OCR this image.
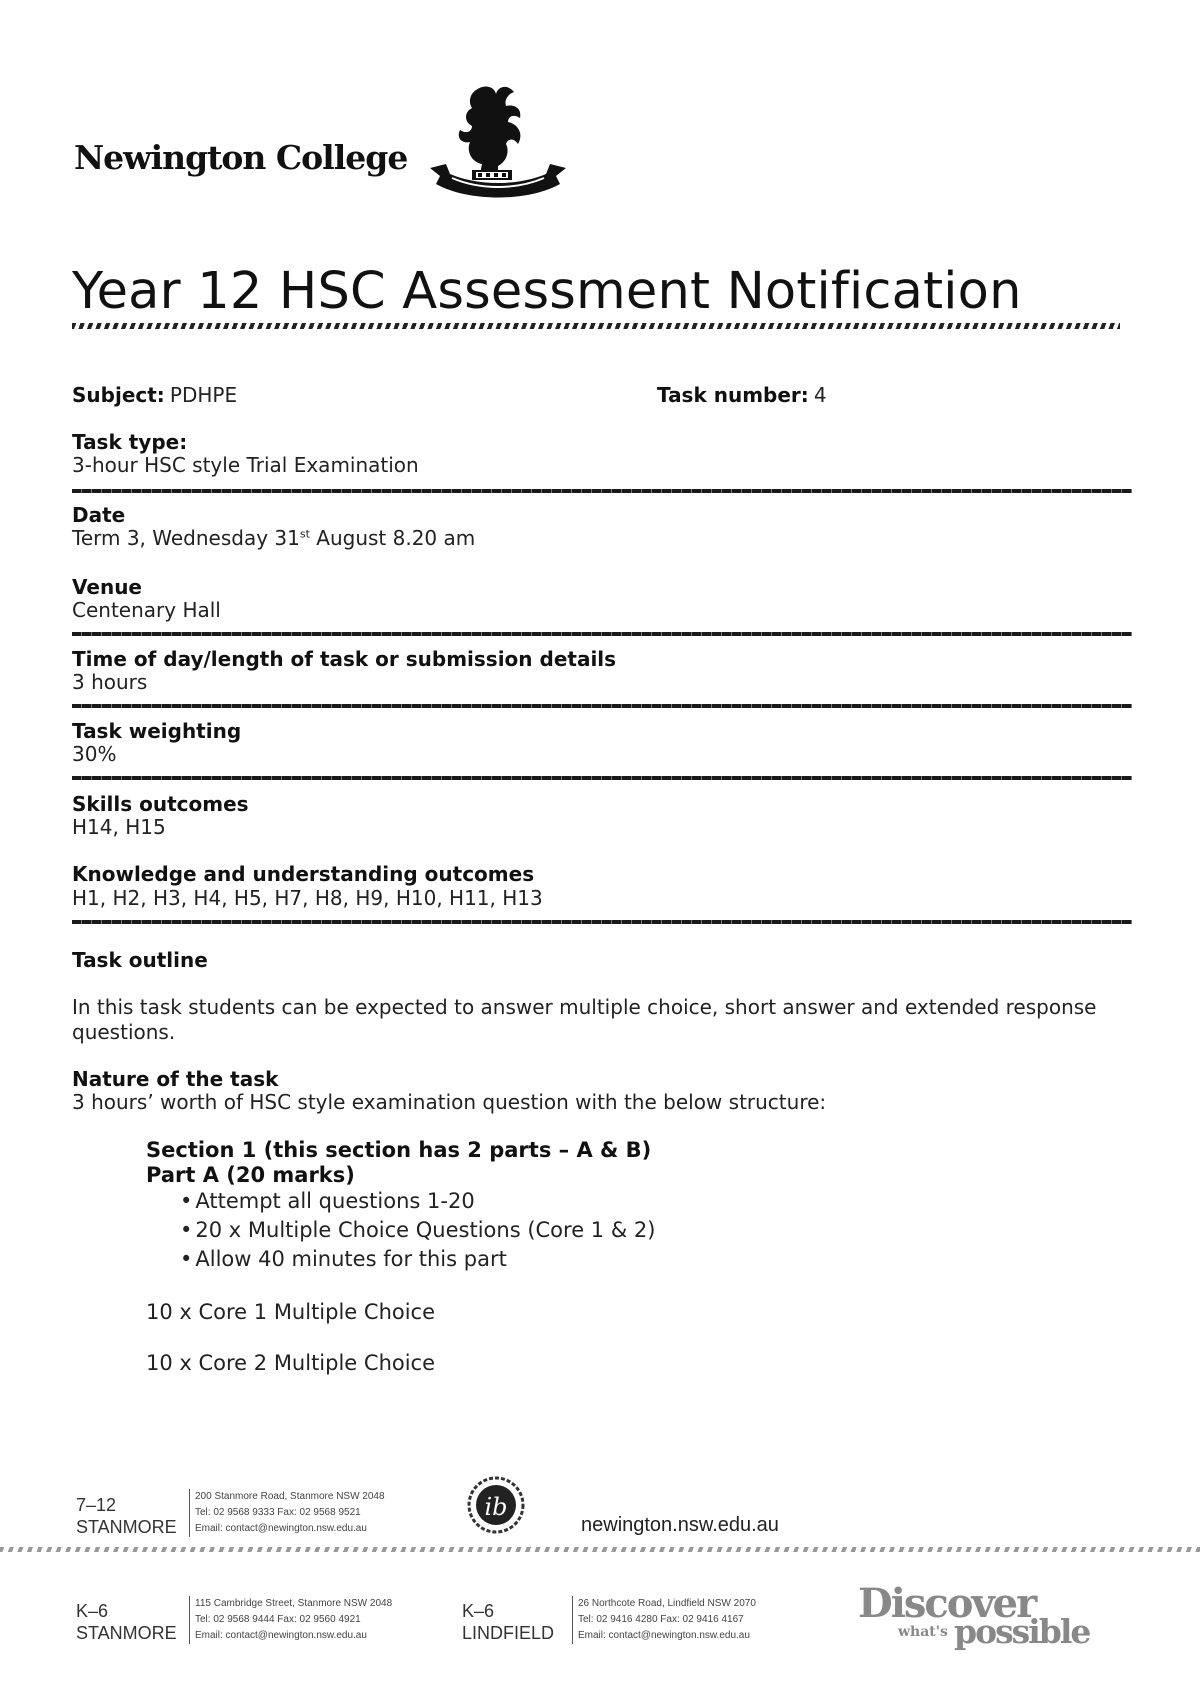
Newington College
Year 12 HSC Assessment Notification
Subject: PDHPE	Task number: 4
Task type:
3-hour HSC style Trial Examination
Date
Term 3, Wednesday 31st August 8.20 am
Venue
Centenary Hall
Time of day/length of task or submission details
3 hours
Task weighting
30%
Skills outcomes
H14, H15
Knowledge and understanding outcomes
H1, H2, H3, H4, H5, H7, H8, H9, H10, H11, H13
Task outline
In this task students can be expected to answer multiple choice, short answer and extended response questions.
Nature of the task
3 hours’ worth of HSC style examination question with the below structure:
Section 1 (this section has 2 parts – A & B)
Part A (20 marks)
• Attempt all questions 1-20
• 20 x Multiple Choice Questions (Core 1 & 2)
• Allow 40 minutes for this part
10 x Core 1 Multiple Choice
10 x Core 2 Multiple Choice
7–12
STANMORE
200 Stanmore Road, Stanmore NSW 2048
Tel: 02 9568 9333 Fax: 02 9568 9521
Email: contact@newington.nsw.edu.au
ib
newington.nsw.edu.au
K–6
STANMORE
115 Cambridge Street, Stanmore NSW 2048
Tel: 02 9568 9444 Fax: 02 9560 4921
Email: contact@newington.nsw.edu.au
K–6
LINDFIELD
26 Northcote Road, Lindfield NSW 2070
Tel: 02 9416 4280 Fax: 02 9416 4167
Email: contact@newington.nsw.edu.au
Discover
what's possible
